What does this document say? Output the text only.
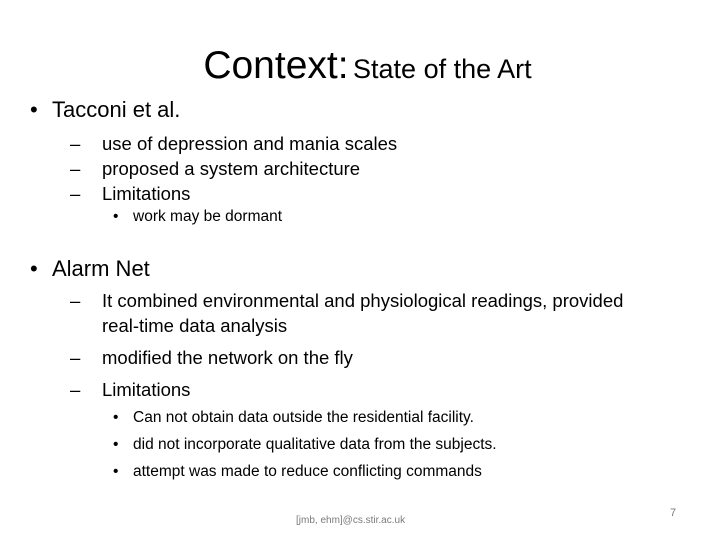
Context: State of the Art
• Tacconi et al.
– use of depression and mania scales
– proposed a system architecture
– Limitations
• work may be dormant
• Alarm Net
– It combined environmental and physiological readings, provided
real-time data analysis
– modified the network on the fly
– Limitations
• Can not obtain data outside the residential facility.
• did not incorporate qualitative data from the subjects.
• attempt was made to reduce conflicting commands
[jmb, ehm]@cs.stir.ac.uk
7
